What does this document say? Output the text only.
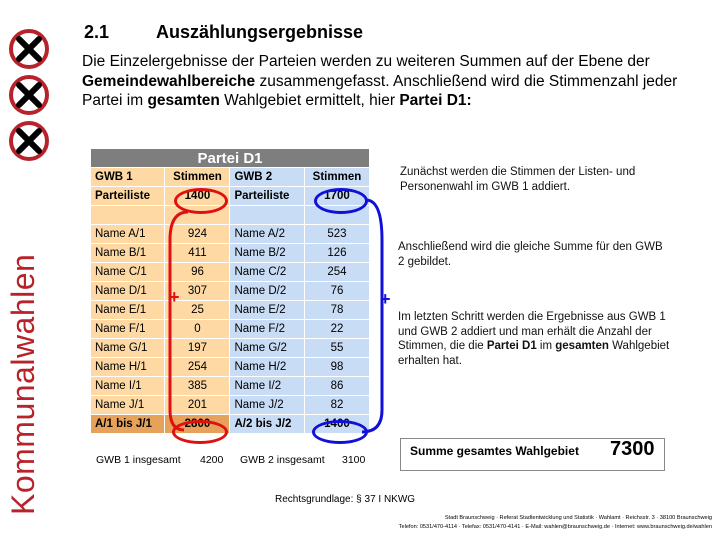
Kommunalwahlen
2.1	Auszählungsergebnisse
Die Einzelergebnisse der Parteien werden zu weiteren Summen auf der Ebene der Gemeindewahlbereiche zusammengefasst. Anschließend wird die Stimmenzahl jeder Partei im gesamten Wahlgebiet ermittelt, hier Partei D1:
Partei D1			
GWB 1	Stimmen	GWB 2	Stimmen
Parteiliste	1400	Parteiliste	1700

Name A/1	924	Name A/2	523
Name B/1	411	Name B/2	126
Name C/1	96	Name C/2	254
Name D/1	307	Name D/2	76
Name E/1	25	Name E/2	78
Name F/1	0	Name F/2	22
Name G/1	197	Name G/2	55
Name H/1	254	Name H/2	98
Name I/1	385	Name I/2	86
Name J/1	201	Name J/2	82
A/1 bis J/1	2800	A/2 bis J/2	1400
GWB 1 insgesamt 4200 GWB 2 insgesamt 3100
+	+
Zunächst werden die Stimmen der Listen- und Personenwahl im GWB 1 addiert.
Anschließend wird die gleiche Summe für den GWB 2 gebildet.
Im letzten Schritt werden die Ergebnisse aus GWB 1 und GWB 2 addiert und man erhält die Anzahl der Stimmen, die die Partei D1 im gesamten Wahlgebiet erhalten hat.
Summe gesamtes Wahlgebiet 7300
Rechtsgrundlage: § 37 I NKWG
Stadt Braunschweig · Referat Stadtentwicklung und Statistik · Wahlamt · Reichsstr. 3 · 38100 Braunschweig
Telefon: 0531/470-4114 · Telefax: 0531/470-4141 · E-Mail: wahlen@braunschweig.de · Internet: www.braunschweig.de/wahlen
